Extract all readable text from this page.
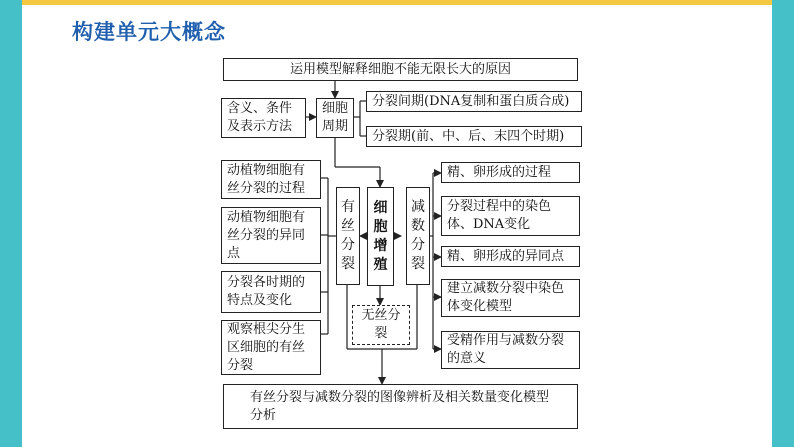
构建单元大概念
运用模型解释细胞不能无限长大的原因
含义、条件及表示方法
细胞周期
分裂间期(DNA复制和蛋白质合成)
分裂期(前、中、后、末四个时期)
动植物细胞有丝分裂的过程
动植物细胞有丝分裂的异同点
分裂各时期的特点及变化
观察根尖分生区细胞的有丝分裂
有丝分裂
细胞增殖
减数分裂
无丝分裂
精、卵形成的过程
分裂过程中的染色体、DNA变化
精、卵形成的异同点
建立减数分裂中染色体变化模型
受精作用与减数分裂的意义
有丝分裂与减数分裂的图像辨析及相关数量变化模型分析
